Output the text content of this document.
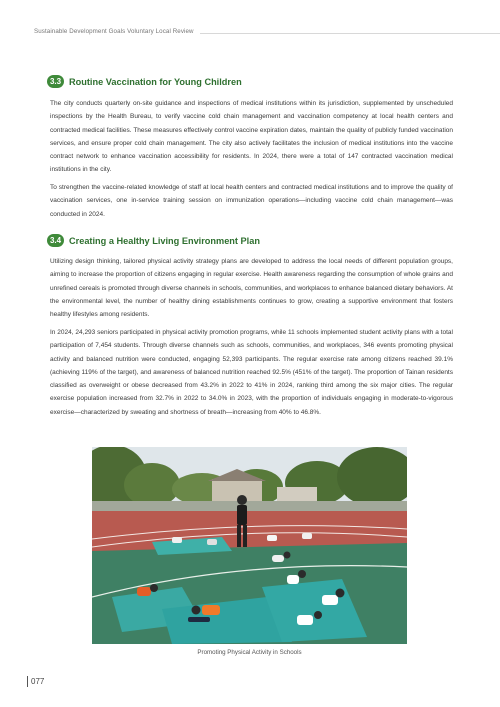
Sustainable Development Goals Voluntary Local Review
3.3 Routine Vaccination for Young Children

The city conducts quarterly on-site guidance and inspections of medical institutions within its jurisdiction, supplemented by unscheduled inspections by the Health Bureau, to verify vaccine cold chain management and vaccination competency at local health centers and contracted medical facilities. These measures effectively control vaccine expiration dates, maintain the quality of publicly funded vaccination services, and ensure proper cold chain management. The city also actively facilitates the inclusion of medical institutions into the vaccine contract network to enhance vaccination accessibility for residents. In 2024, there were a total of 147 contracted vaccination medical institutions in the city.

To strengthen the vaccine-related knowledge of staff at local health centers and contracted medical institutions and to improve the quality of vaccination services, one in-service training session on immunization operations—including vaccine cold chain management—was conducted in 2024.

3.4 Creating a Healthy Living Environment Plan

Utilizing design thinking, tailored physical activity strategy plans are developed to address the local needs of different population groups, aiming to increase the proportion of citizens engaging in regular exercise. Health awareness regarding the consumption of whole grains and unrefined cereals is promoted through diverse channels in schools, communities, and workplaces to enhance balanced dietary behaviors. At the environmental level, the number of healthy dining establishments continues to grow, creating a supportive environment that fosters healthy lifestyles among residents.

In 2024, 24,293 seniors participated in physical activity promotion programs, while 11 schools implemented student activity plans with a total participation of 7,454 students. Through diverse channels such as schools, communities, and workplaces, 346 events promoting physical activity and balanced nutrition were conducted, engaging 52,393 participants. The regular exercise rate among citizens reached 39.1% (achieving 119% of the target), and awareness of balanced nutrition reached 92.5% (451% of the target). The proportion of Tainan residents classified as overweight or obese decreased from 43.2% in 2022 to 41% in 2024, ranking third among the six major cities. The regular exercise population increased from 32.7% in 2022 to 34.0% in 2023, with the proportion of individuals engaging in moderate-to-vigorous exercise—characterized by sweating and shortness of breath—increasing from 40% to 46.8%.

Promoting Physical Activity in Schools
077
